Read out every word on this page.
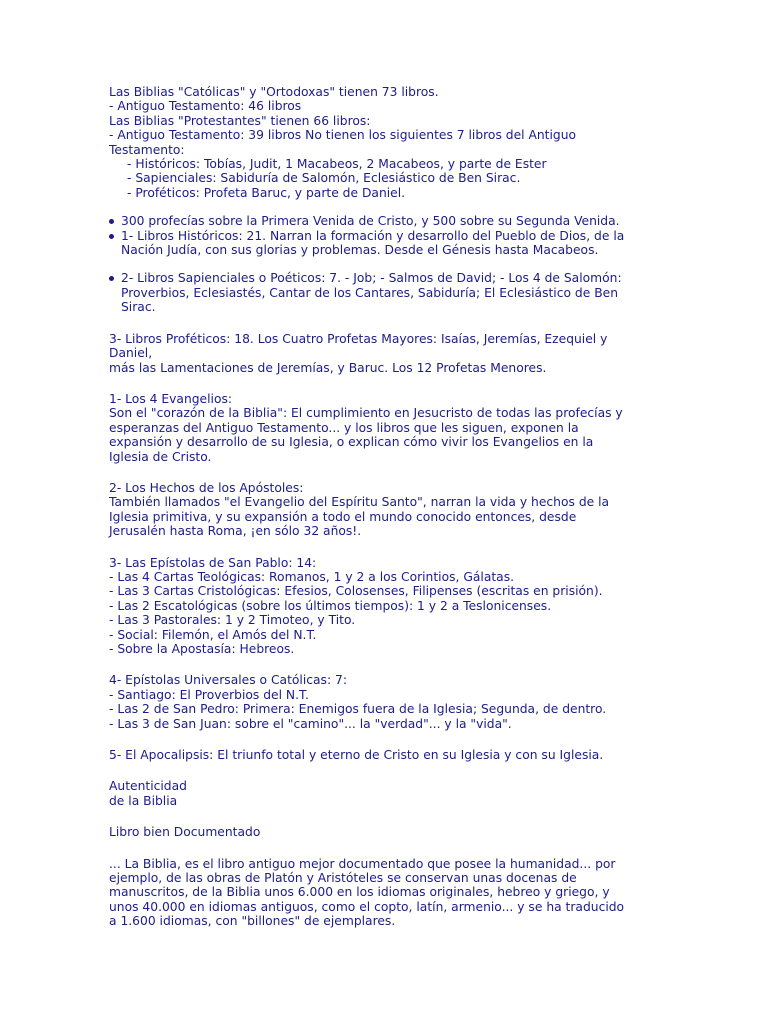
Las Biblias "Católicas" y "Ortodoxas" tienen 73 libros.
- Antiguo Testamento: 46 libros
Las Biblias "Protestantes" tienen 66 libros:
- Antiguo Testamento: 39 libros No tienen los siguientes 7 libros del Antiguo
Testamento:
- Históricos: Tobías, Judit, 1 Macabeos, 2 Macabeos, y parte de Ester
- Sapienciales: Sabiduría de Salomón, Eclesiástico de Ben Sirac.
- Proféticos: Profeta Baruc, y parte de Daniel.
300 profecías sobre la Primera Venida de Cristo, y 500 sobre su Segunda Venida.
1- Libros Históricos: 21. Narran la formación y desarrollo del Pueblo de Dios, de la
Nación Judía, con sus glorias y problemas. Desde el Génesis hasta Macabeos.
2- Libros Sapienciales o Poéticos: 7. - Job; - Salmos de David; - Los 4 de Salomón:
Proverbios, Eclesiastés, Cantar de los Cantares, Sabiduría; El Eclesiástico de Ben
Sirac.
3- Libros Proféticos: 18. Los Cuatro Profetas Mayores: Isaías, Jeremías, Ezequiel y
Daniel,
más las Lamentaciones de Jeremías, y Baruc. Los 12 Profetas Menores.
1- Los 4 Evangelios:
Son el "corazón de la Biblia": El cumplimiento en Jesucristo de todas las profecías y
esperanzas del Antiguo Testamento... y los libros que les siguen, exponen la
expansión y desarrollo de su Iglesia, o explican cómo vivir los Evangelios en la
Iglesia de Cristo.
2- Los Hechos de los Apóstoles:
También llamados "el Evangelio del Espíritu Santo", narran la vida y hechos de la
Iglesia primitiva, y su expansión a todo el mundo conocido entonces, desde
Jerusalén hasta Roma, ¡en sólo 32 años!.
3- Las Epístolas de San Pablo: 14:
- Las 4 Cartas Teológicas: Romanos, 1 y 2 a los Corintios, Gálatas.
- Las 3 Cartas Cristológicas: Efesios, Colosenses, Filipenses (escritas en prisión).
- Las 2 Escatológicas (sobre los últimos tiempos): 1 y 2 a Teslonicenses.
- Las 3 Pastorales: 1 y 2 Timoteo, y Tito.
- Social: Filemón, el Amós del N.T.
- Sobre la Apostasía: Hebreos.
4- Epístolas Universales o Católicas: 7:
- Santiago: El Proverbios del N.T.
- Las 2 de San Pedro: Primera: Enemigos fuera de la Iglesia; Segunda, de dentro.
- Las 3 de San Juan: sobre el "camino"... la "verdad"... y la "vida".
5- El Apocalipsis: El triunfo total y eterno de Cristo en su Iglesia y con su Iglesia.
Autenticidad
de la Biblia
Libro bien Documentado
... La Biblia, es el libro antiguo mejor documentado que posee la humanidad... por
ejemplo, de las obras de Platón y Aristóteles se conservan unas docenas de
manuscritos, de la Biblia unos 6.000 en los idiomas originales, hebreo y griego, y
unos 40.000 en idiomas antiguos, como el copto, latín, armenio... y se ha traducido
a 1.600 idiomas, con "billones" de ejemplares.
